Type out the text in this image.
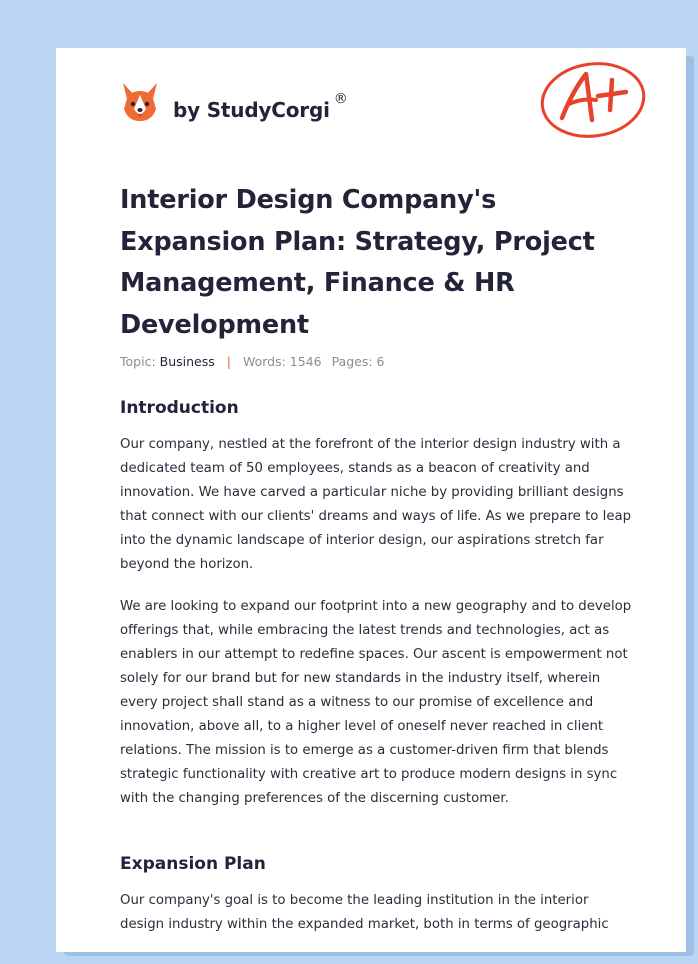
by StudyCorgi ®
Interior Design Company's Expansion Plan: Strategy, Project Management, Finance & HR Development
Topic: Business | Words: 1546 Pages: 6
Introduction

Our company, nestled at the forefront of the interior design industry with a dedicated team of 50 employees, stands as a beacon of creativity and innovation. We have carved a particular niche by providing brilliant designs that connect with our clients' dreams and ways of life. As we prepare to leap into the dynamic landscape of interior design, our aspirations stretch far beyond the horizon.

We are looking to expand our footprint into a new geography and to develop offerings that, while embracing the latest trends and technologies, act as enablers in our attempt to redefine spaces. Our ascent is empowerment not solely for our brand but for new standards in the industry itself, wherein every project shall stand as a witness to our promise of excellence and innovation, above all, to a higher level of oneself never reached in client relations. The mission is to emerge as a customer-driven firm that blends strategic functionality with creative art to produce modern designs in sync with the changing preferences of the discerning customer.

Expansion Plan

Our company's goal is to become the leading institution in the interior design industry within the expanded market, both in terms of geographic
